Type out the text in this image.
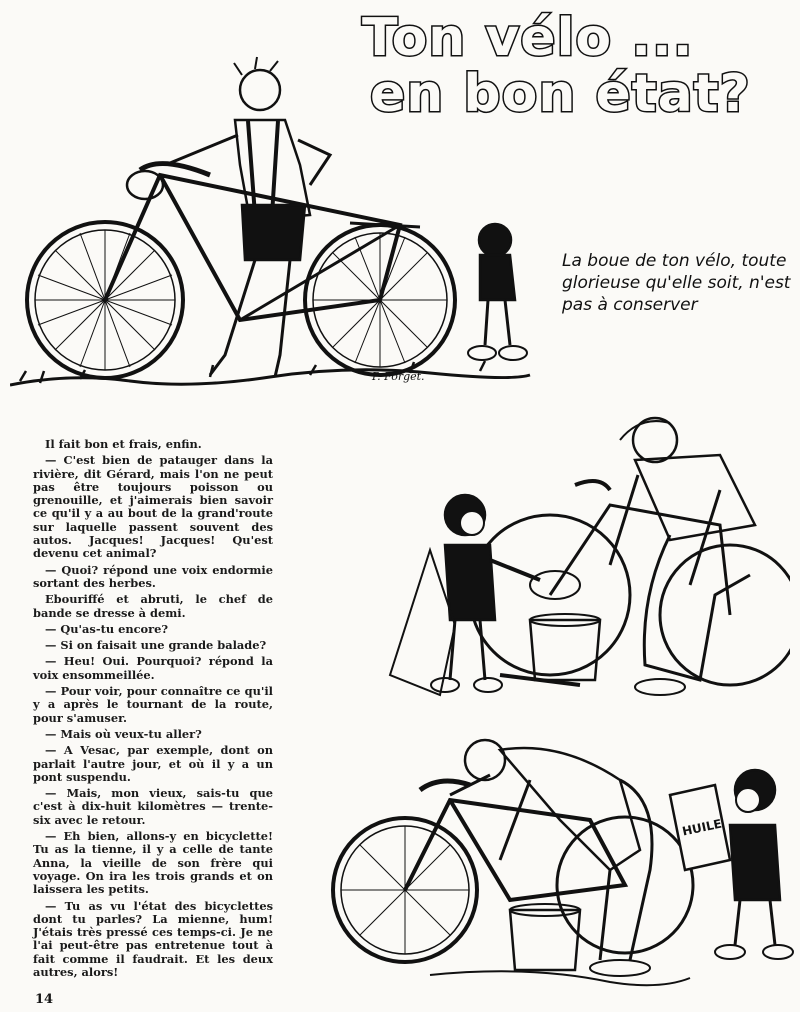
Ton vélo ...
en bon état?
P. Forget.
La boue de ton vélo, toute glorieuse qu'elle soit, n'est pas à conserver

Il fait bon et frais, enfin.

— C'est bien de patauger dans la rivière, dit Gérard, mais l'on ne peut pas être toujours poisson ou grenouille, et j'aimerais bien savoir ce qu'il y a au bout de la grand'route sur laquelle passent souvent des autos. Jacques! Jacques! Qu'est devenu cet animal?

— Quoi? répond une voix endormie sortant des herbes.

Ebouriffé et abruti, le chef de bande se dresse à demi.

— Qu'as-tu encore?

— Si on faisait une grande balade?

— Heu! Oui. Pourquoi? répond la voix ensommeillée.

— Pour voir, pour connaître ce qu'il y a après le tournant de la route, pour s'amuser.

— Mais où veux-tu aller?

— A Vesac, par exemple, dont on parlait l'autre jour, et où il y a un pont suspendu.

— Mais, mon vieux, sais-tu que c'est à dix-huit kilomètres — trente-six avec le retour.

— Eh bien, allons-y en bicyclette! Tu as la tienne, il y a celle de tante Anna, la vieille de son frère qui voyage. On ira les trois grands et on laissera les petits.

— Tu as vu l'état des bicyclettes dont tu parles? La mienne, hum! J'étais très pressé ces temps-ci. Je ne l'ai peut-être pas entretenue tout à fait comme il faudrait. Et les deux autres, alors!

HUILE
14
